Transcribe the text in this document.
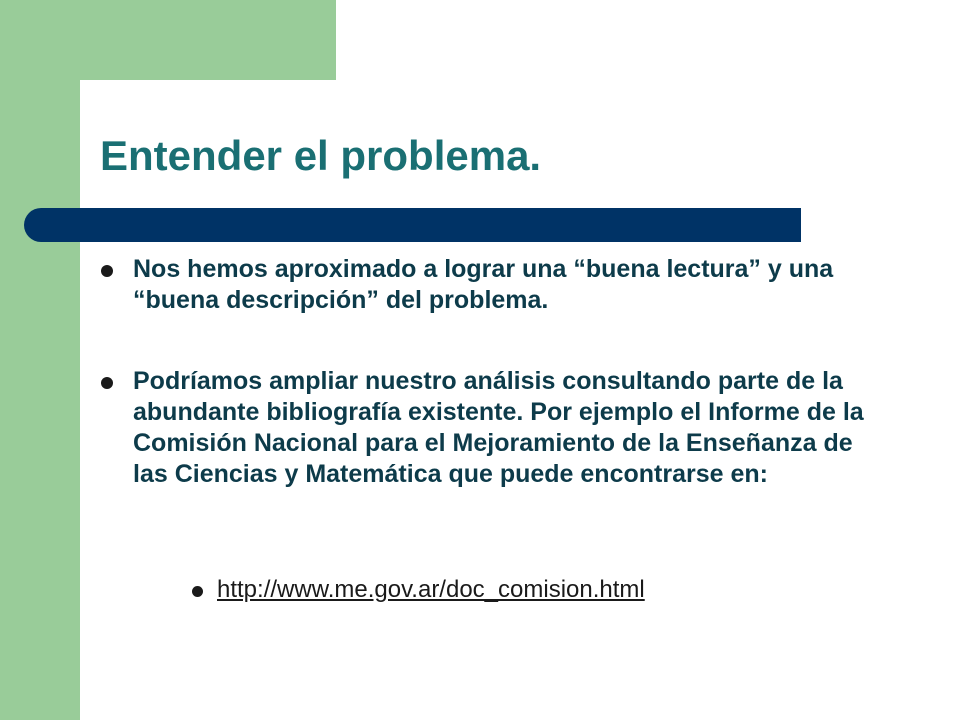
Entender el problema.

Nos hemos aproximado a lograr una “buena lectura” y una “buena descripción” del problema.

Podríamos ampliar nuestro análisis consultando parte de la abundante bibliografía existente. Por ejemplo el Informe de la Comisión Nacional para el Mejoramiento de la Enseñanza de las Ciencias y Matemática que puede encontrarse en:

http://www.me.gov.ar/doc_comision.html
